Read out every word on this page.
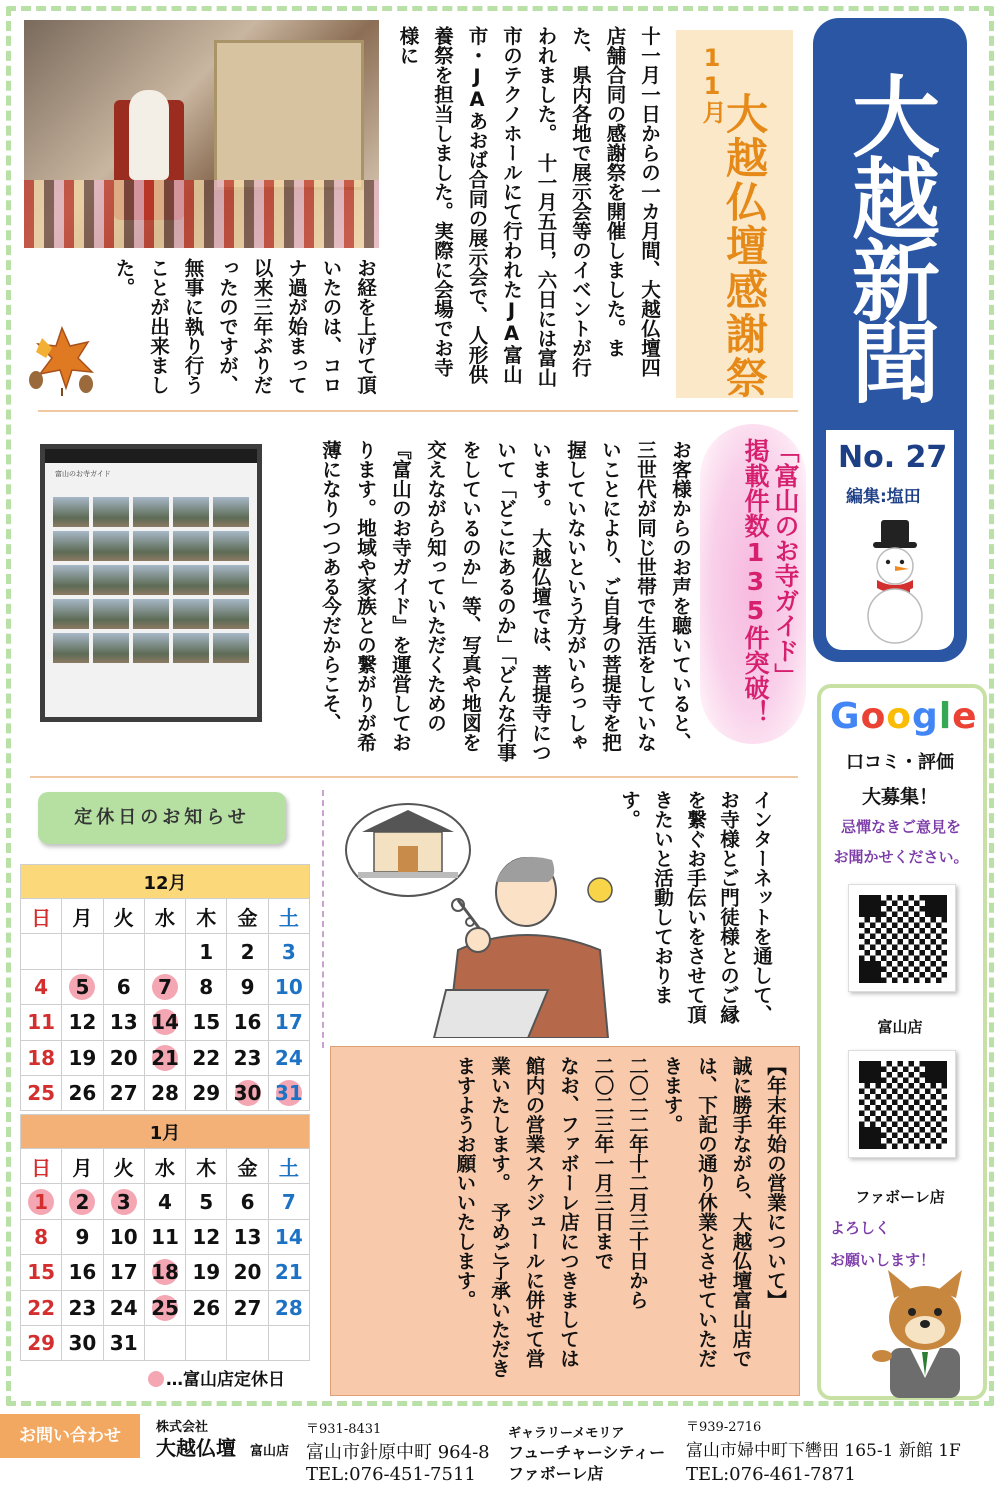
大越新聞
No. 27
編集:塩田
11月
大越仏壇感謝祭
十一月一日からの一カ月間、大越仏壇四店舗合同の感謝祭を開催しました。また、県内各地で展示会等のイベントが行われました。　十一月五日，六日には富山市のテクノホールにて行われたJA富山市・JAあおば合同の展示会で、人形供養祭を担当しました。実際に会場でお寺様に
お経を上げて頂いたのは、コロナ過が始まって以来三年ぶりだったのですが、無事に執り行うことが出来ました。
富山のお寺ガイド	「富山のお寺ガイド」
掲載件数135件突破！
お客様からのお声を聴いていると、三世代が同じ世帯で生活をしていないことにより、ご自身の菩提寺を把握していないという方がいらっしゃいます。　大越仏壇では、菩提寺について「どこにあるのか」「どんな行事をしているのか」等、写真や地図を交えながら知っていただくための『富山のお寺ガイド』を運営しております。地域や家族との繋がりが希薄になりつつある今だからこそ、	Google
口コミ・評価
大募集！
忌憚なきご意見を
お聞かせください。
富山店
ファボーレ店
よろしく
お願いします！
定休日のお知らせ
12月						
日	月	火	水	木	金	土
				1	2	3
4	5	6	7	8	9	10
11	12	13	14	15	16	17
18	19	20	21	22	23	24
25	26	27	28	29	30	31
1月						
日	月	火	水	木	金	土
1	2	3	4	5	6	7
8	9	10	11	12	13	14
15	16	17	18	19	20	21
22	23	24	25	26	27	28
29	30	31				
…富山店定休日
インターネットを通して、お寺様とご門徒様とのご縁を繋ぐお手伝いをさせて頂きたいと活動しております。
【年末年始の営業について】
誠に勝手ながら、大越仏壇富山店では、下記の通り休業とさせていただきます。
二〇二二年十二月三十日から
二〇二三年一月三日まで
なお、ファボーレ店につきましては館内の営業スケジュールに併せて営業いたします。　予めご了承いただきますようお願いいたします。
お問い合わせ	株式会社
大越仏壇 富山店
〒931-8431
富山市針原中町 964-8
TEL:076-451-7511
ギャラリーメモリア
フューチャーシティー
ファボーレ店
〒939-2716
富山市婦中町下轡田 165-1 新館 1F
TEL:076-461-7871
